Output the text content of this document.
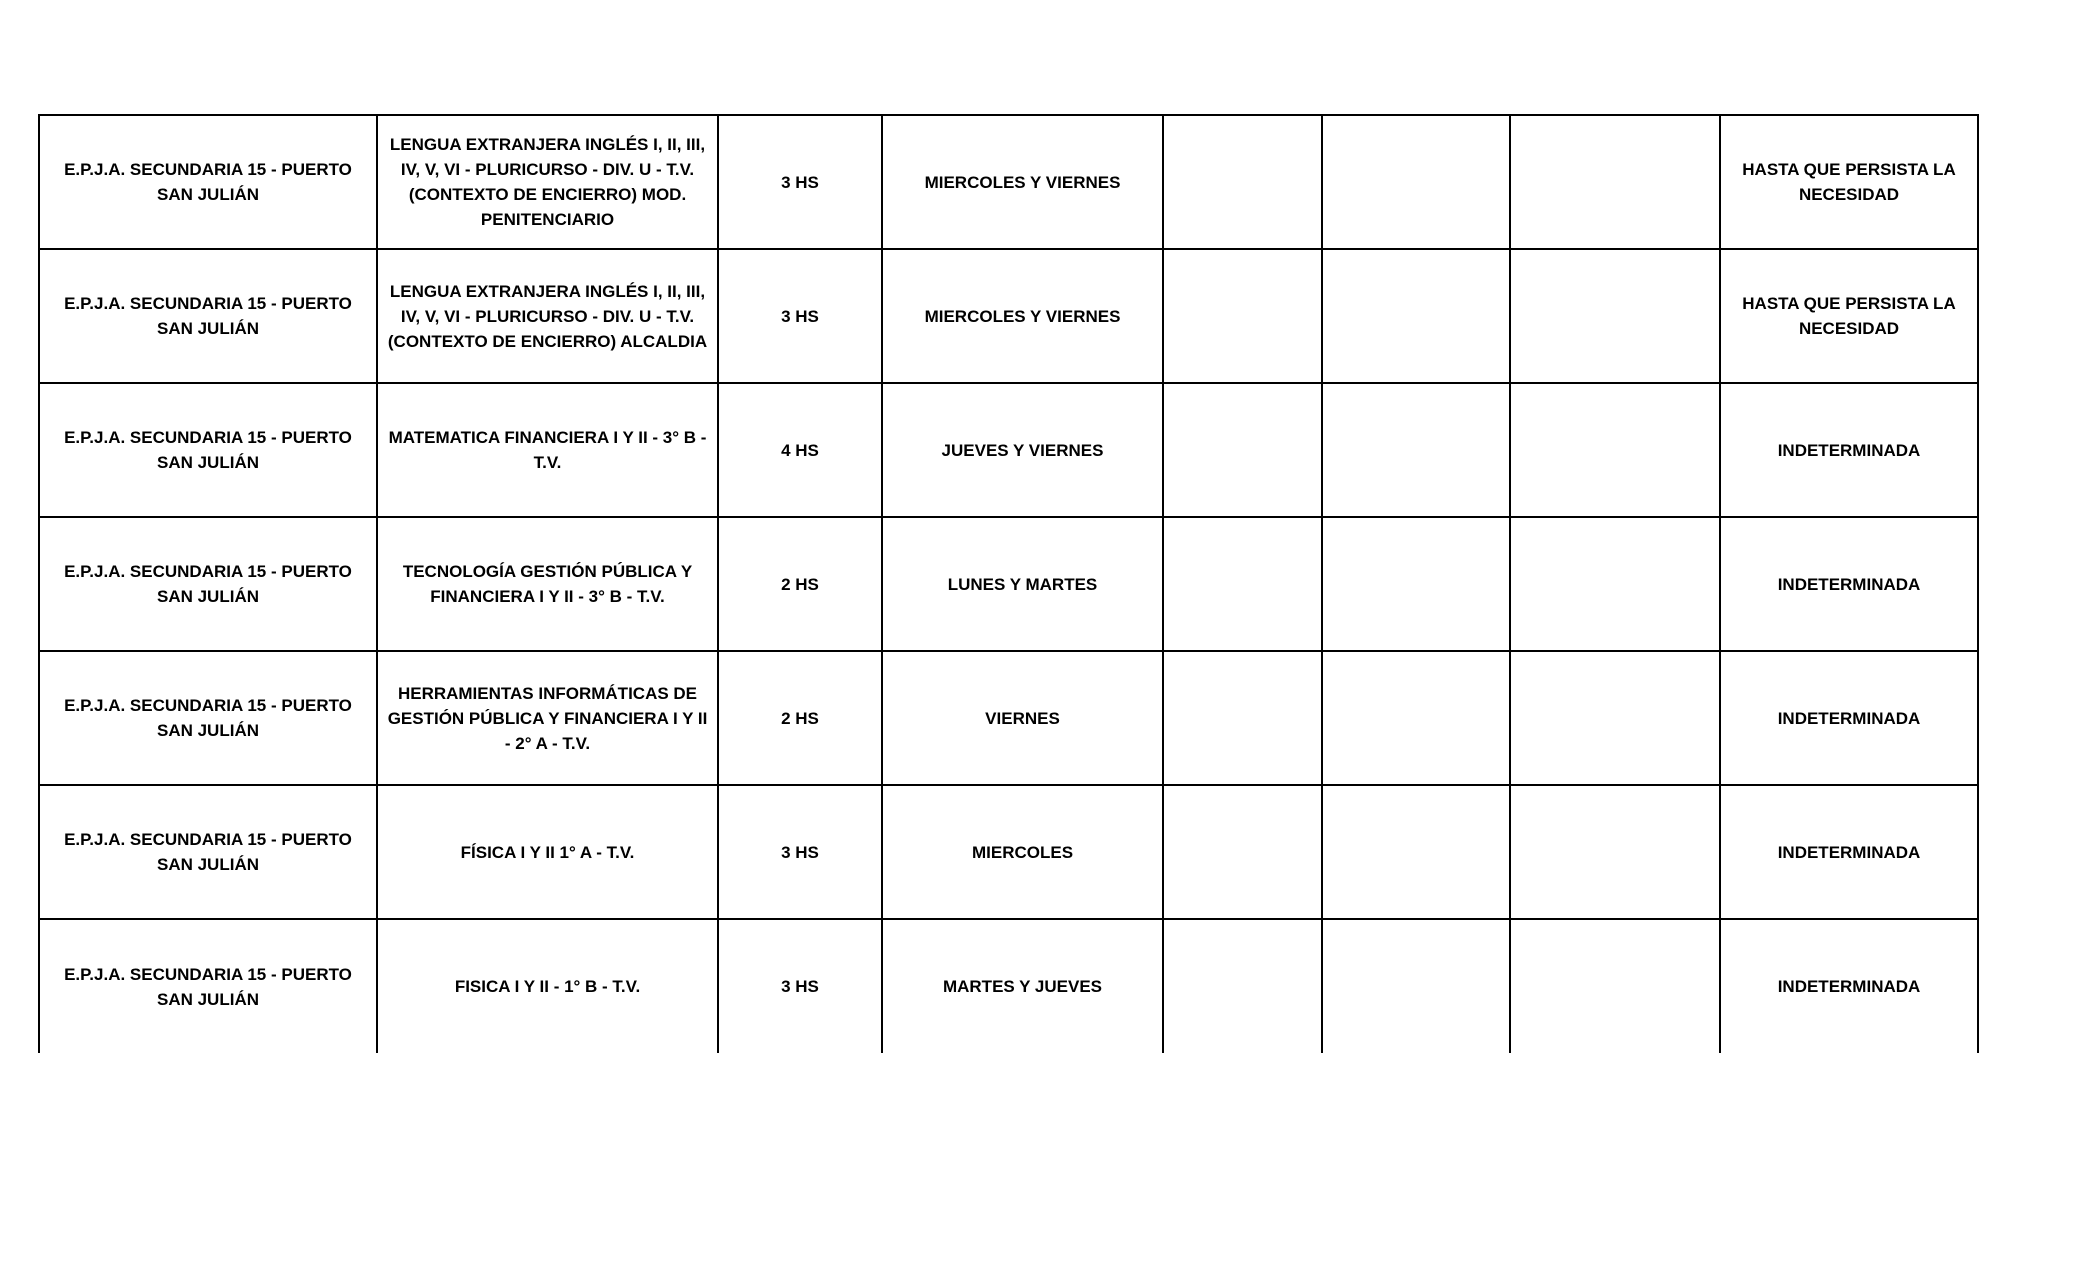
E.P.J.A. SECUNDARIA 15 - PUERTO SAN JULIÁN	LENGUA EXTRANJERA INGLÉS I, II, III, IV, V, VI - PLURICURSO - DIV. U - T.V. (CONTEXTO DE ENCIERRO) MOD. PENITENCIARIO	3 HS	MIERCOLES Y VIERNES				HASTA QUE PERSISTA LA NECESIDAD
E.P.J.A. SECUNDARIA 15 - PUERTO SAN JULIÁN	LENGUA EXTRANJERA INGLÉS I, II, III, IV, V, VI - PLURICURSO - DIV. U - T.V. (CONTEXTO DE ENCIERRO) ALCALDIA	3 HS	MIERCOLES Y VIERNES				HASTA QUE PERSISTA LA NECESIDAD
E.P.J.A. SECUNDARIA 15 - PUERTO SAN JULIÁN	MATEMATICA FINANCIERA I Y II - 3° B - T.V.	4 HS	JUEVES Y VIERNES				INDETERMINADA
E.P.J.A. SECUNDARIA 15 - PUERTO SAN JULIÁN	TECNOLOGÍA GESTIÓN PÚBLICA Y FINANCIERA I Y II - 3° B - T.V.	2 HS	LUNES Y MARTES				INDETERMINADA
E.P.J.A. SECUNDARIA 15 - PUERTO SAN JULIÁN	HERRAMIENTAS INFORMÁTICAS DE GESTIÓN PÚBLICA Y FINANCIERA I Y II - 2° A - T.V.	2 HS	VIERNES				INDETERMINADA
E.P.J.A. SECUNDARIA 15 - PUERTO SAN JULIÁN	FÍSICA I Y II 1° A - T.V.	3 HS	MIERCOLES				INDETERMINADA
E.P.J.A. SECUNDARIA 15 - PUERTO SAN JULIÁN	FISICA I Y II - 1° B - T.V.	3 HS	MARTES Y JUEVES				INDETERMINADA
